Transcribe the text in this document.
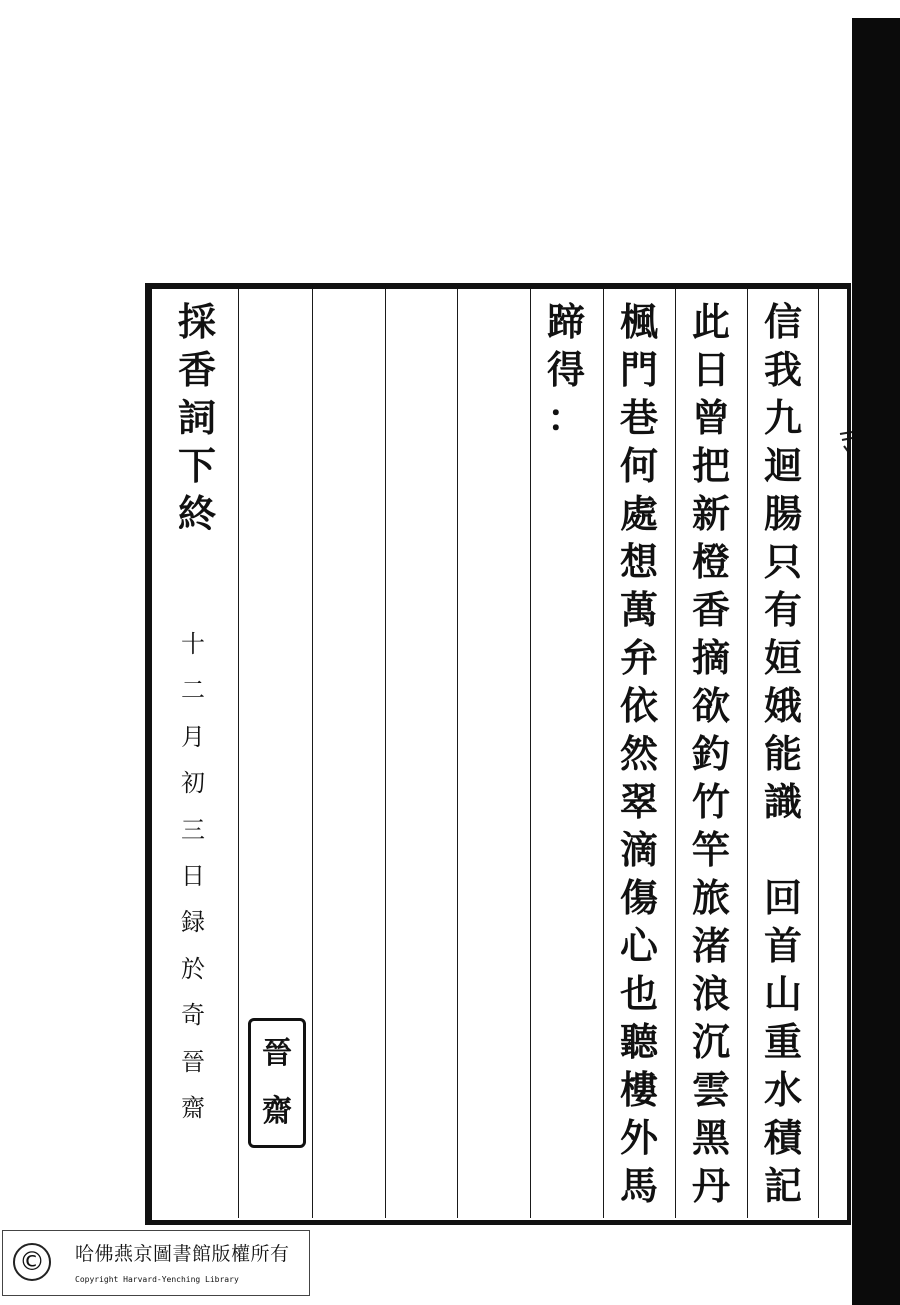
信
我
九
迴
腸
只
有
姮
娥
能
識

回
首
山
重
水
積
記
此
日
曾
把
新
橙
香
摘
欲
釣
竹
竿
旅
渚
浪
沉
雲
黑
丹
楓
門
巷
何
處
想
萬
弁
依
然
翠
滴
傷
心
也
聽
樓
外
馬
蹄
得
：
十
二
月
初
三
日
録
於
奇
晉
齋
採
香
詞
下
終
晉
齋
©	哈佛燕京圖書館版權所有
Copyright Harvard-Yenching Library
